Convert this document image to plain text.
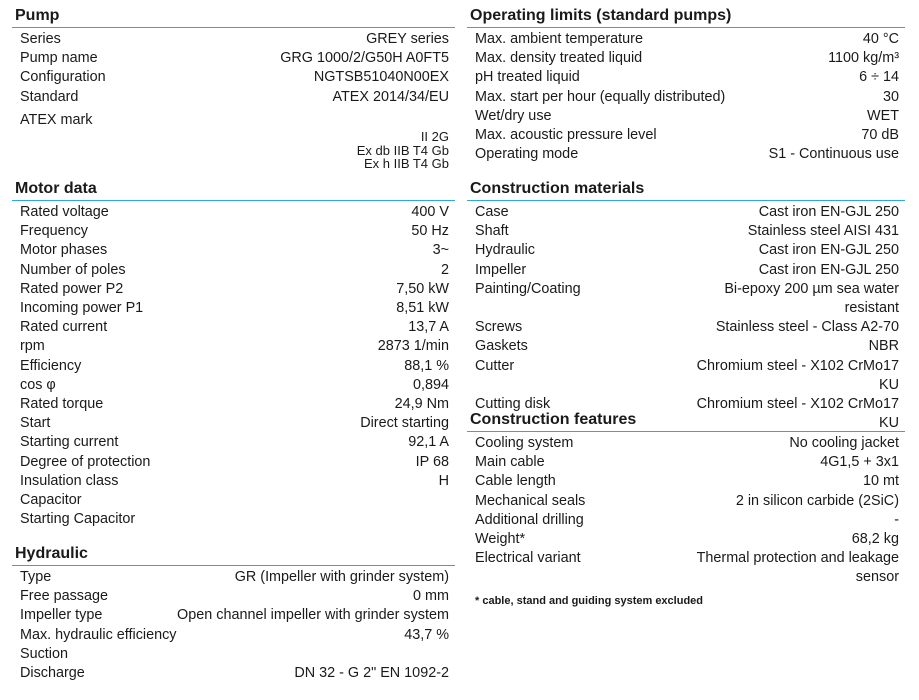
Pump
Series	GREY series
Pump name	GRG 1000/2/G50H A0FT5
Configuration	NGTSB51040N00EX
Standard	ATEX 2014/34/EU
ATEX mark
II 2G
Ex db IIB T4 Gb
Ex h IIB T4 Gb
Motor data
Rated voltage	400 V
Frequency	50 Hz
Motor phases	3~
Number of poles	2
Rated power P2	7,50 kW
Incoming power P1	8,51 kW
Rated current	13,7 A
rpm	2873 1/min
Efficiency	88,1 %
cos φ	0,894
Rated torque	24,9 Nm
Start	Direct starting
Starting current	92,1 A
Degree of protection	IP 68
Insulation class	H
Capacitor
Starting Capacitor
Hydraulic
Type	GR (Impeller with grinder system)
Free passage	0 mm
Impeller type	Open channel impeller with grinder system
Max. hydraulic efficiency	43,7 %
Suction
Discharge	DN 32 - G 2" EN 1092-2
Operating limits (standard pumps)
Max. ambient temperature	40 °C
Max. density treated liquid	1100 kg/m³
pH treated liquid	6 ÷ 14
Max. start per hour (equally distributed)	30
Wet/dry use	WET
Max. acoustic pressure level	70 dB
Operating mode	S1 - Continuous use
Construction materials
Case	Cast iron EN-GJL 250
Shaft	Stainless steel AISI 431
Hydraulic	Cast iron EN-GJL 250
Impeller	Cast iron EN-GJL 250
Painting/Coating	Bi-epoxy 200 µm sea water resistant
Screws	Stainless steel - Class A2-70
Gaskets	NBR
Cutter	Chromium steel - X102 CrMo17 KU
Cutting disk	Chromium steel - X102 CrMo17 KU
Construction features
Cooling system	No cooling jacket
Main cable	4G1,5 + 3x1
Cable length	10 mt
Mechanical seals	2 in silicon carbide (2SiC)
Additional drilling	-
Weight*	68,2 kg
Electrical variant	Thermal protection and leakage sensor
* cable, stand and guiding system excluded
